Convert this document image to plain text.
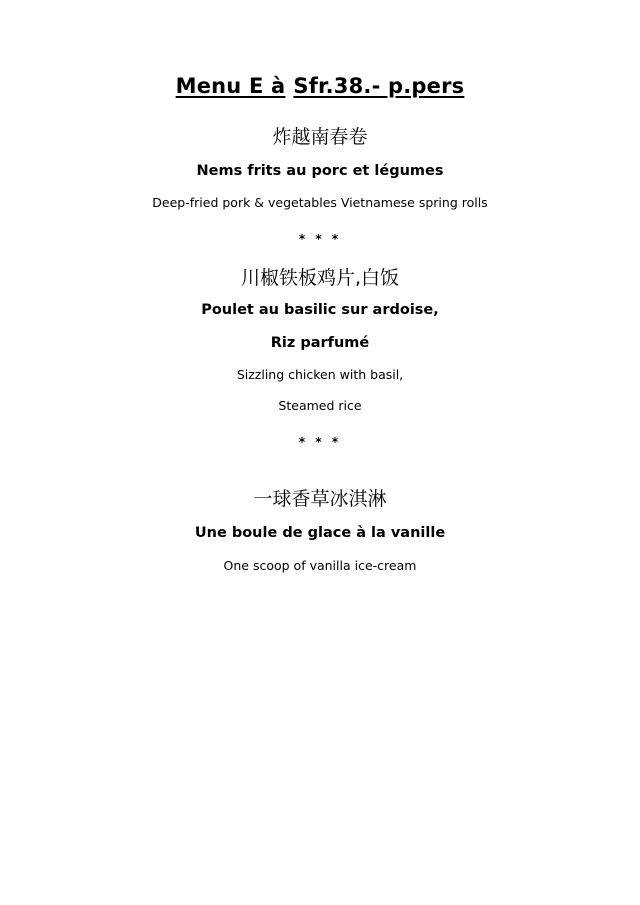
Menu E à Sfr.38.- p.pers
炸越南春卷
Nems frits au porc et légumes
Deep-fried pork & vegetables Vietnamese spring rolls
* * *
川椒铁板鸡片,白饭
Poulet au basilic sur ardoise,
Riz parfumé
Sizzling chicken with basil,
Steamed rice
* * *
一球香草冰淇淋
Une boule de glace à la vanille
One scoop of vanilla ice-cream
